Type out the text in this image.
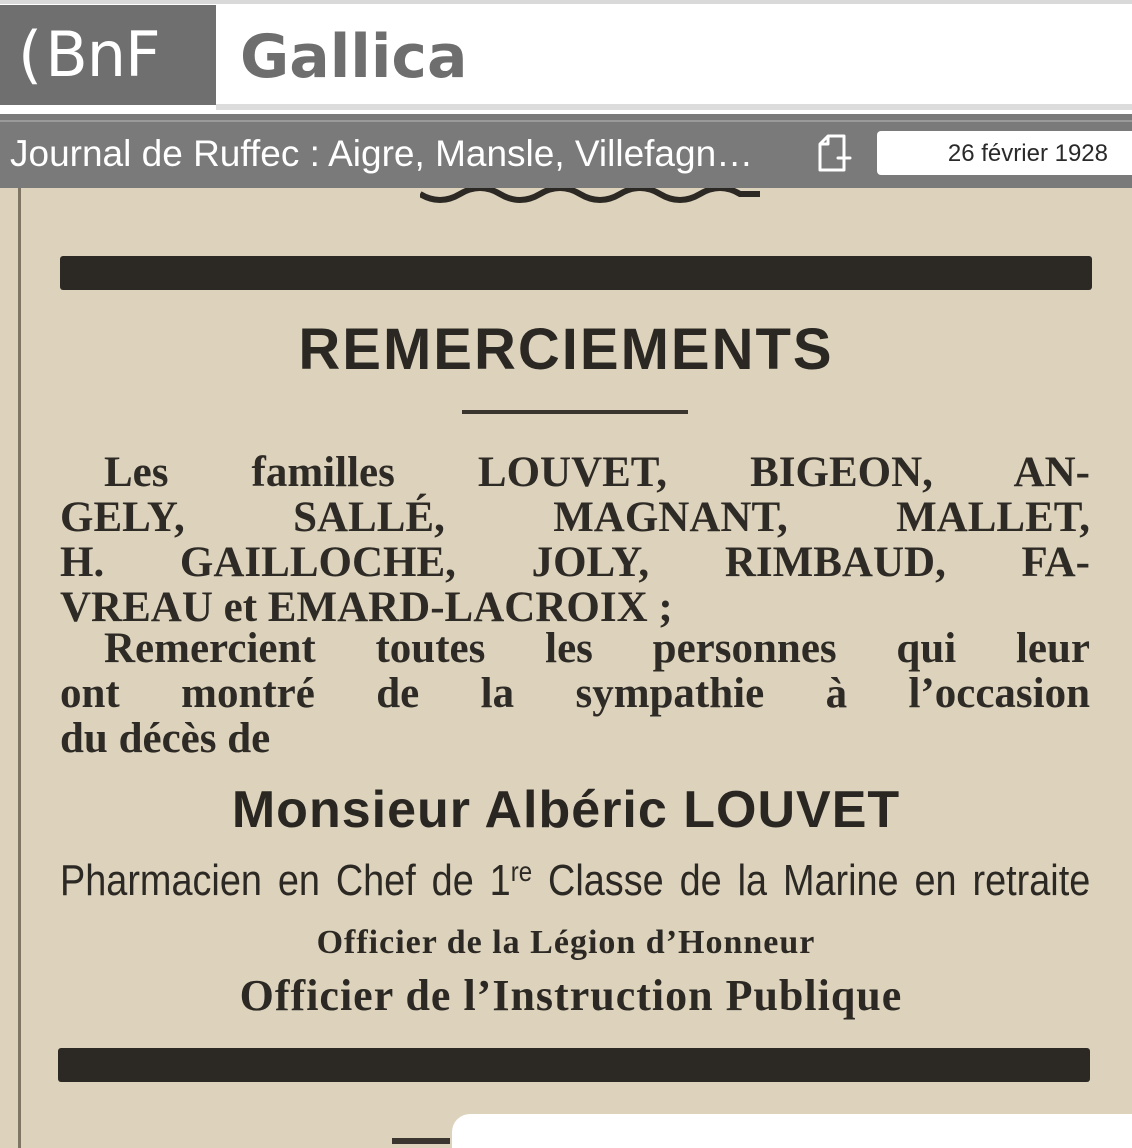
(BnF	Gallica
Journal de Ruffec : Aigre, Mansle, Villefagn…	26 février 1928
REMERCIEMENTS
Les familles LOUVET, BIGEON, AN-
GELY, SALLÉ, MAGNANT, MALLET,
H. GAILLOCHE, JOLY, RIMBAUD, FA-
VREAU et EMARD-LACROIX ;
Remercient toutes les personnes qui leur
ont montré de la sympathie à l’occasion
du décès de
Monsieur Albéric LOUVET
Pharmacien en Chef de 1re Classe de la Marine en retraite
Officier de la Légion d’Honneur
Officier de l’Instruction Publique
